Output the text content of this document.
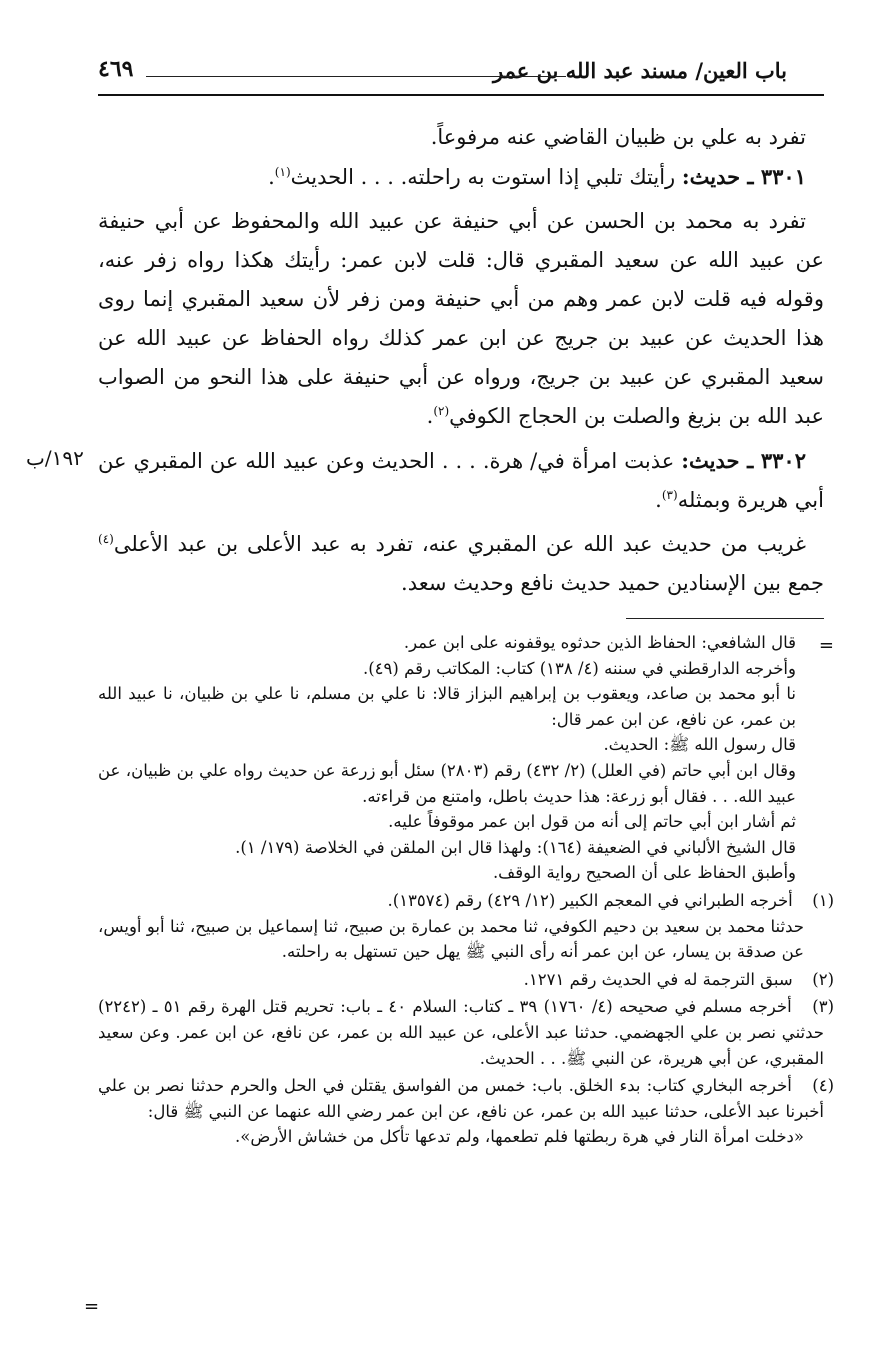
باب العين/ مسند عبد الله بن عمر
٤٦٩

تفرد به علي بن ظبيان القاضي عنه مرفوعاً.

٣٣٠١ ـ حديث: رأيتك تلبي إذا استوت به راحلته. . . . الحديث$^{(١)}$.

تفرد به محمد بن الحسن عن أبي حنيفة عن عبيد الله والمحفوظ عن أبي حنيفة عن عبيد الله عن سعيد المقبري قال: قلت لابن عمر: رأيتك هكذا رواه زفر عنه، وقوله فيه قلت لابن عمر وهم من أبي حنيفة ومن زفر لأن سعيد المقبري إنما روى هذا الحديث عن عبيد بن جريج عن ابن عمر كذلك رواه الحفاظ عن عبيد الله عن سعيد المقبري عن عبيد بن جريج، ورواه عن أبي حنيفة على هذا النحو من الصواب عبد الله بن بزيغ والصلت بن الحجاج الكوفي$^{(٢)}$.

٣٣٠٢ ـ حديث: عذبت امرأة في/ هرة. . . . الحديث وعن عبيد الله عن المقبري عن أبي هريرة وبمثله$^{(٣)}$.

غريب من حديث عبد الله عن المقبري عنه، تفرد به عبد الأعلى بن عبد الأعلى$^{(٤)}$ جمع بين الإسنادين حميد حديث نافع وحديث سعد.

١٩٢/ب
=
=

قال الشافعي: الحفاظ الذين حدثوه يوقفونه على ابن عمر.

وأخرجه الدارقطني في سننه (٤/ ١٣٨) كتاب: المكاتب رقم (٤٩).

نا أبو محمد بن صاعد، ويعقوب بن إبراهيم البزاز قالا: نا علي بن مسلم، نا علي بن ظبيان، نا عبيد الله بن عمر، عن نافع، عن ابن عمر قال:

قال رسول الله ﷺ: الحديث.

وقال ابن أبي حاتم (في العلل) (٢/ ٤٣٢) رقم (٢٨٠٣) سئل أبو زرعة عن حديث رواه علي بن ظبيان، عن عبيد الله. . . فقال أبو زرعة: هذا حديث باطل، وامتنع من قراءته.

ثم أشار ابن أبي حاتم إلى أنه من قول ابن عمر موقوفاً عليه.

قال الشيخ الألباني في الضعيفة (١٦٤): ولهذا قال ابن الملقن في الخلاصة (١٧٩/ ١).

وأطبق الحفاظ على أن الصحيح رواية الوقف.

(١) أخرجه الطبراني في المعجم الكبير (١٢/ ٤٢٩) رقم (١٣٥٧٤).

حدثنا محمد بن سعيد بن دحيم الكوفي، ثنا محمد بن عمارة بن صبيح، ثنا إسماعيل بن صبيح، ثنا أبو أويس، عن صدقة بن يسار، عن ابن عمر أنه رأى النبي ﷺ يهل حين تستهل به راحلته.

(٢) سبق الترجمة له في الحديث رقم ١٢٧١.

(٣) أخرجه مسلم في صحيحه (٤/ ١٧٦٠) ٣٩ ـ كتاب: السلام ٤٠ ـ باب: تحريم قتل الهرة رقم ٥١ ـ (٢٢٤٢) حدثني نصر بن علي الجهضمي. حدثنا عبد الأعلى، عن عبيد الله بن عمر، عن نافع، عن ابن عمر. وعن سعيد المقبري، عن أبي هريرة، عن النبي ﷺ. . . الحديث.

(٤) أخرجه البخاري كتاب: بدء الخلق. باب: خمس من الفواسق يقتلن في الحل والحرم حدثنا نصر بن علي أخبرنا عبد الأعلى، حدثنا عبيد الله بن عمر، عن نافع، عن ابن عمر رضي الله عنهما عن النبي ﷺ قال:

«دخلت امرأة النار في هرة ربطتها فلم تطعمها، ولم تدعها تأكل من خشاش الأرض».
